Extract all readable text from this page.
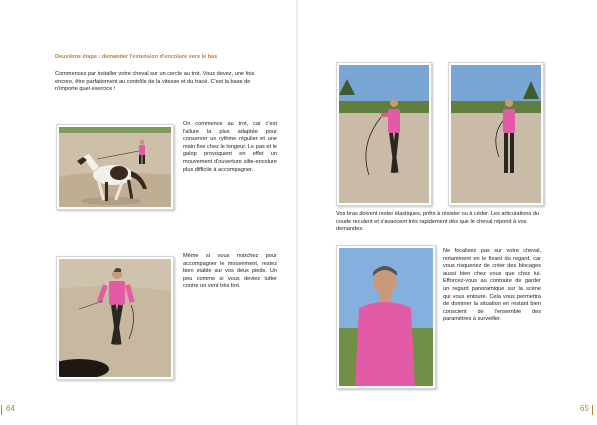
Deuxième étape : demander l'extension d'encolure vers le bas
Commencez par installer votre cheval sur un cercle au trot. Vous devez, une fois encore, être parfaitement au contrôle de la vitesse et du tracé. C'est la base de n'importe quel exercice !
On commence au trot, car c'est l'allure la plus adaptée pour conserver un rythme régulier et une main fixe chez le longeur. Le pas et le galop provoquent en effet un mouvement d'ouverture silte-encolure plus difficile à accompagner.
Même si vous marchez pour accompagner le mouvement, restez bien stable sur vos deux pieds. Un peu comme si vous deviez lutter contre un vent très fort.
64
Vos bras doivent rester élastiques, prêts à résister ou à céder. Les articulations du coude reculent et s'avancent très rapidement dès que le cheval répond à vos demandes.
Ne focalisez pas sur votre cheval, notamment en le fixant du regard, car vous risqueriez de créer des blocages aussi bien chez vous que chez lui. Efforcez-vous au contraire de garder un regard panoramique sur la scène qui vous entoure. Cela vous permettra de dominer la situation en restant bien conscient de l'ensemble des paramètres à surveiller.
65
